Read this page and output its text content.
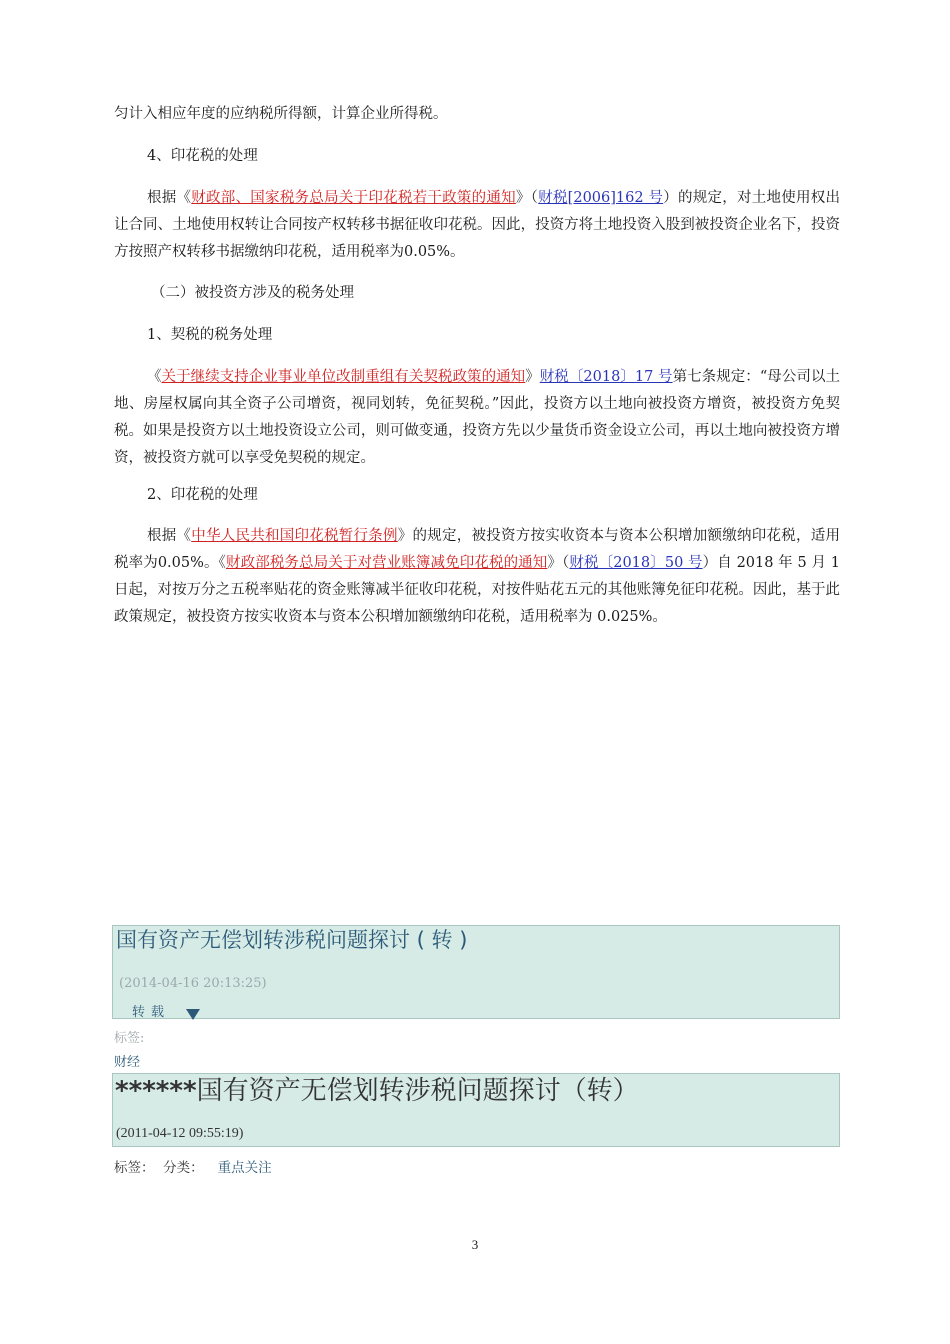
匀计入相应年度的应纳税所得额，计算企业所得税。

4、印花税的处理

根据《财政部、国家税务总局关于印花税若干政策的通知》（财税[2006]162 号）的规定，对土地使用权出让合同、土地使用权转让合同按产权转移书据征收印花税。因此，投资方将土地投资入股到被投资企业名下，投资方按照产权转移书据缴纳印花税，适用税率为0.05%。

（二）被投资方涉及的税务处理

1、契税的税务处理

《关于继续支持企业事业单位改制重组有关契税政策的通知》财税〔2018〕17 号第七条规定：“母公司以土地、房屋权属向其全资子公司增资，视同划转，免征契税。”因此，投资方以土地向被投资方增资，被投资方免契税。如果是投资方以土地投资设立公司，则可做变通，投资方先以少量货币资金设立公司，再以土地向被投资方增资，被投资方就可以享受免契税的规定。

2、印花税的处理

根据《中华人民共和国印花税暂行条例》的规定，被投资方按实收资本与资本公积增加额缴纳印花税，适用税率为0.05%。《财政部税务总局关于对营业账簿减免印花税的通知》（财税〔2018〕50 号）自 2018 年 5 月 1 日起，对按万分之五税率贴花的资金账簿减半征收印花税，对按件贴花五元的其他账簿免征印花税。因此，基于此政策规定，被投资方按实收资本与资本公积增加额缴纳印花税，适用税率为 0.025%。

国有资产无偿划转涉税问题探讨 ( 转 )
(2014-04-16 20:13:25)
转载
标签:
财经
******国有资产无偿划转涉税问题探讨（转）
(2011-04-12 09:55:19)
标签： 分类： 重点关注
3
